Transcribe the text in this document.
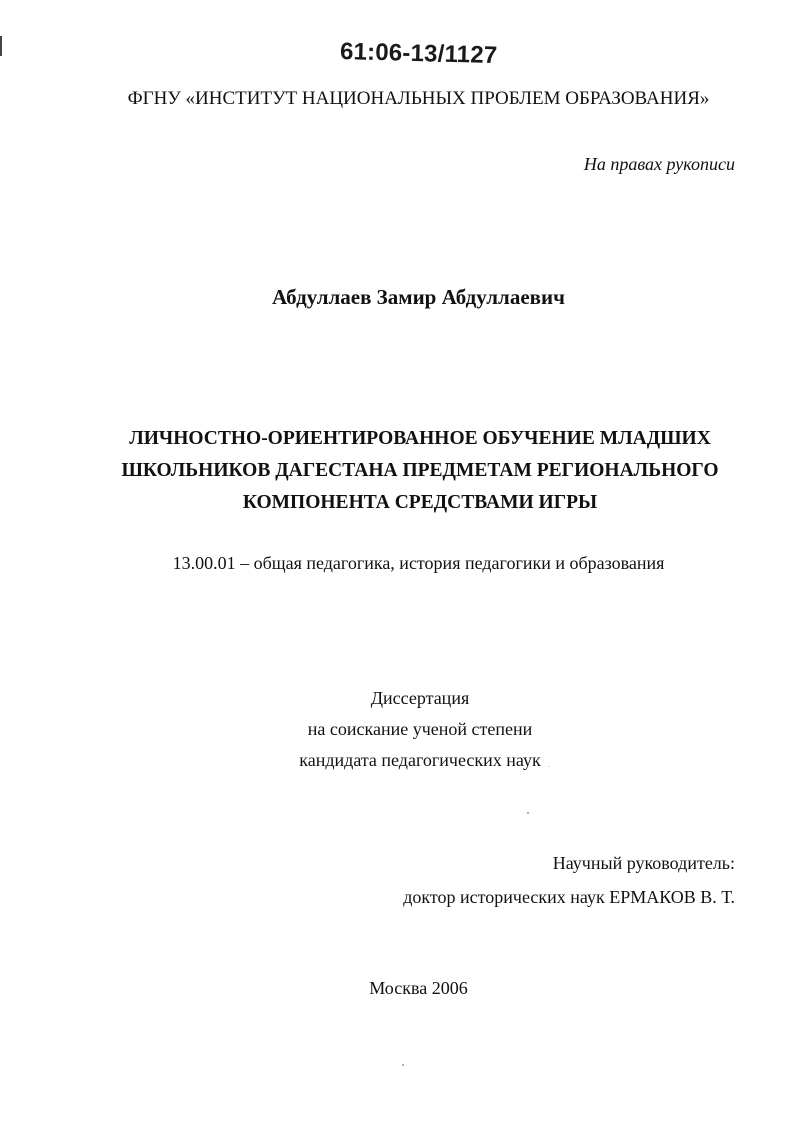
61:06-13/1127
ФГНУ «ИНСТИТУТ НАЦИОНАЛЬНЫХ ПРОБЛЕМ ОБРАЗОВАНИЯ»
На правах рукописи
Абдуллаев Замир Абдуллаевич
ЛИЧНОСТНО-ОРИЕНТИРОВАННОЕ ОБУЧЕНИЕ МЛАДШИХ
ШКОЛЬНИКОВ ДАГЕСТАНА ПРЕДМЕТАМ РЕГИОНАЛЬНОГО
КОМПОНЕНТА СРЕДСТВАМИ ИГРЫ
13.00.01 – общая педагогика, история педагогики и образования
Диссертация
на соискание ученой степени
кандидата педагогических наук
Научный руководитель:
доктор исторических наук ЕРМАКОВ В. Т.
Москва 2006
